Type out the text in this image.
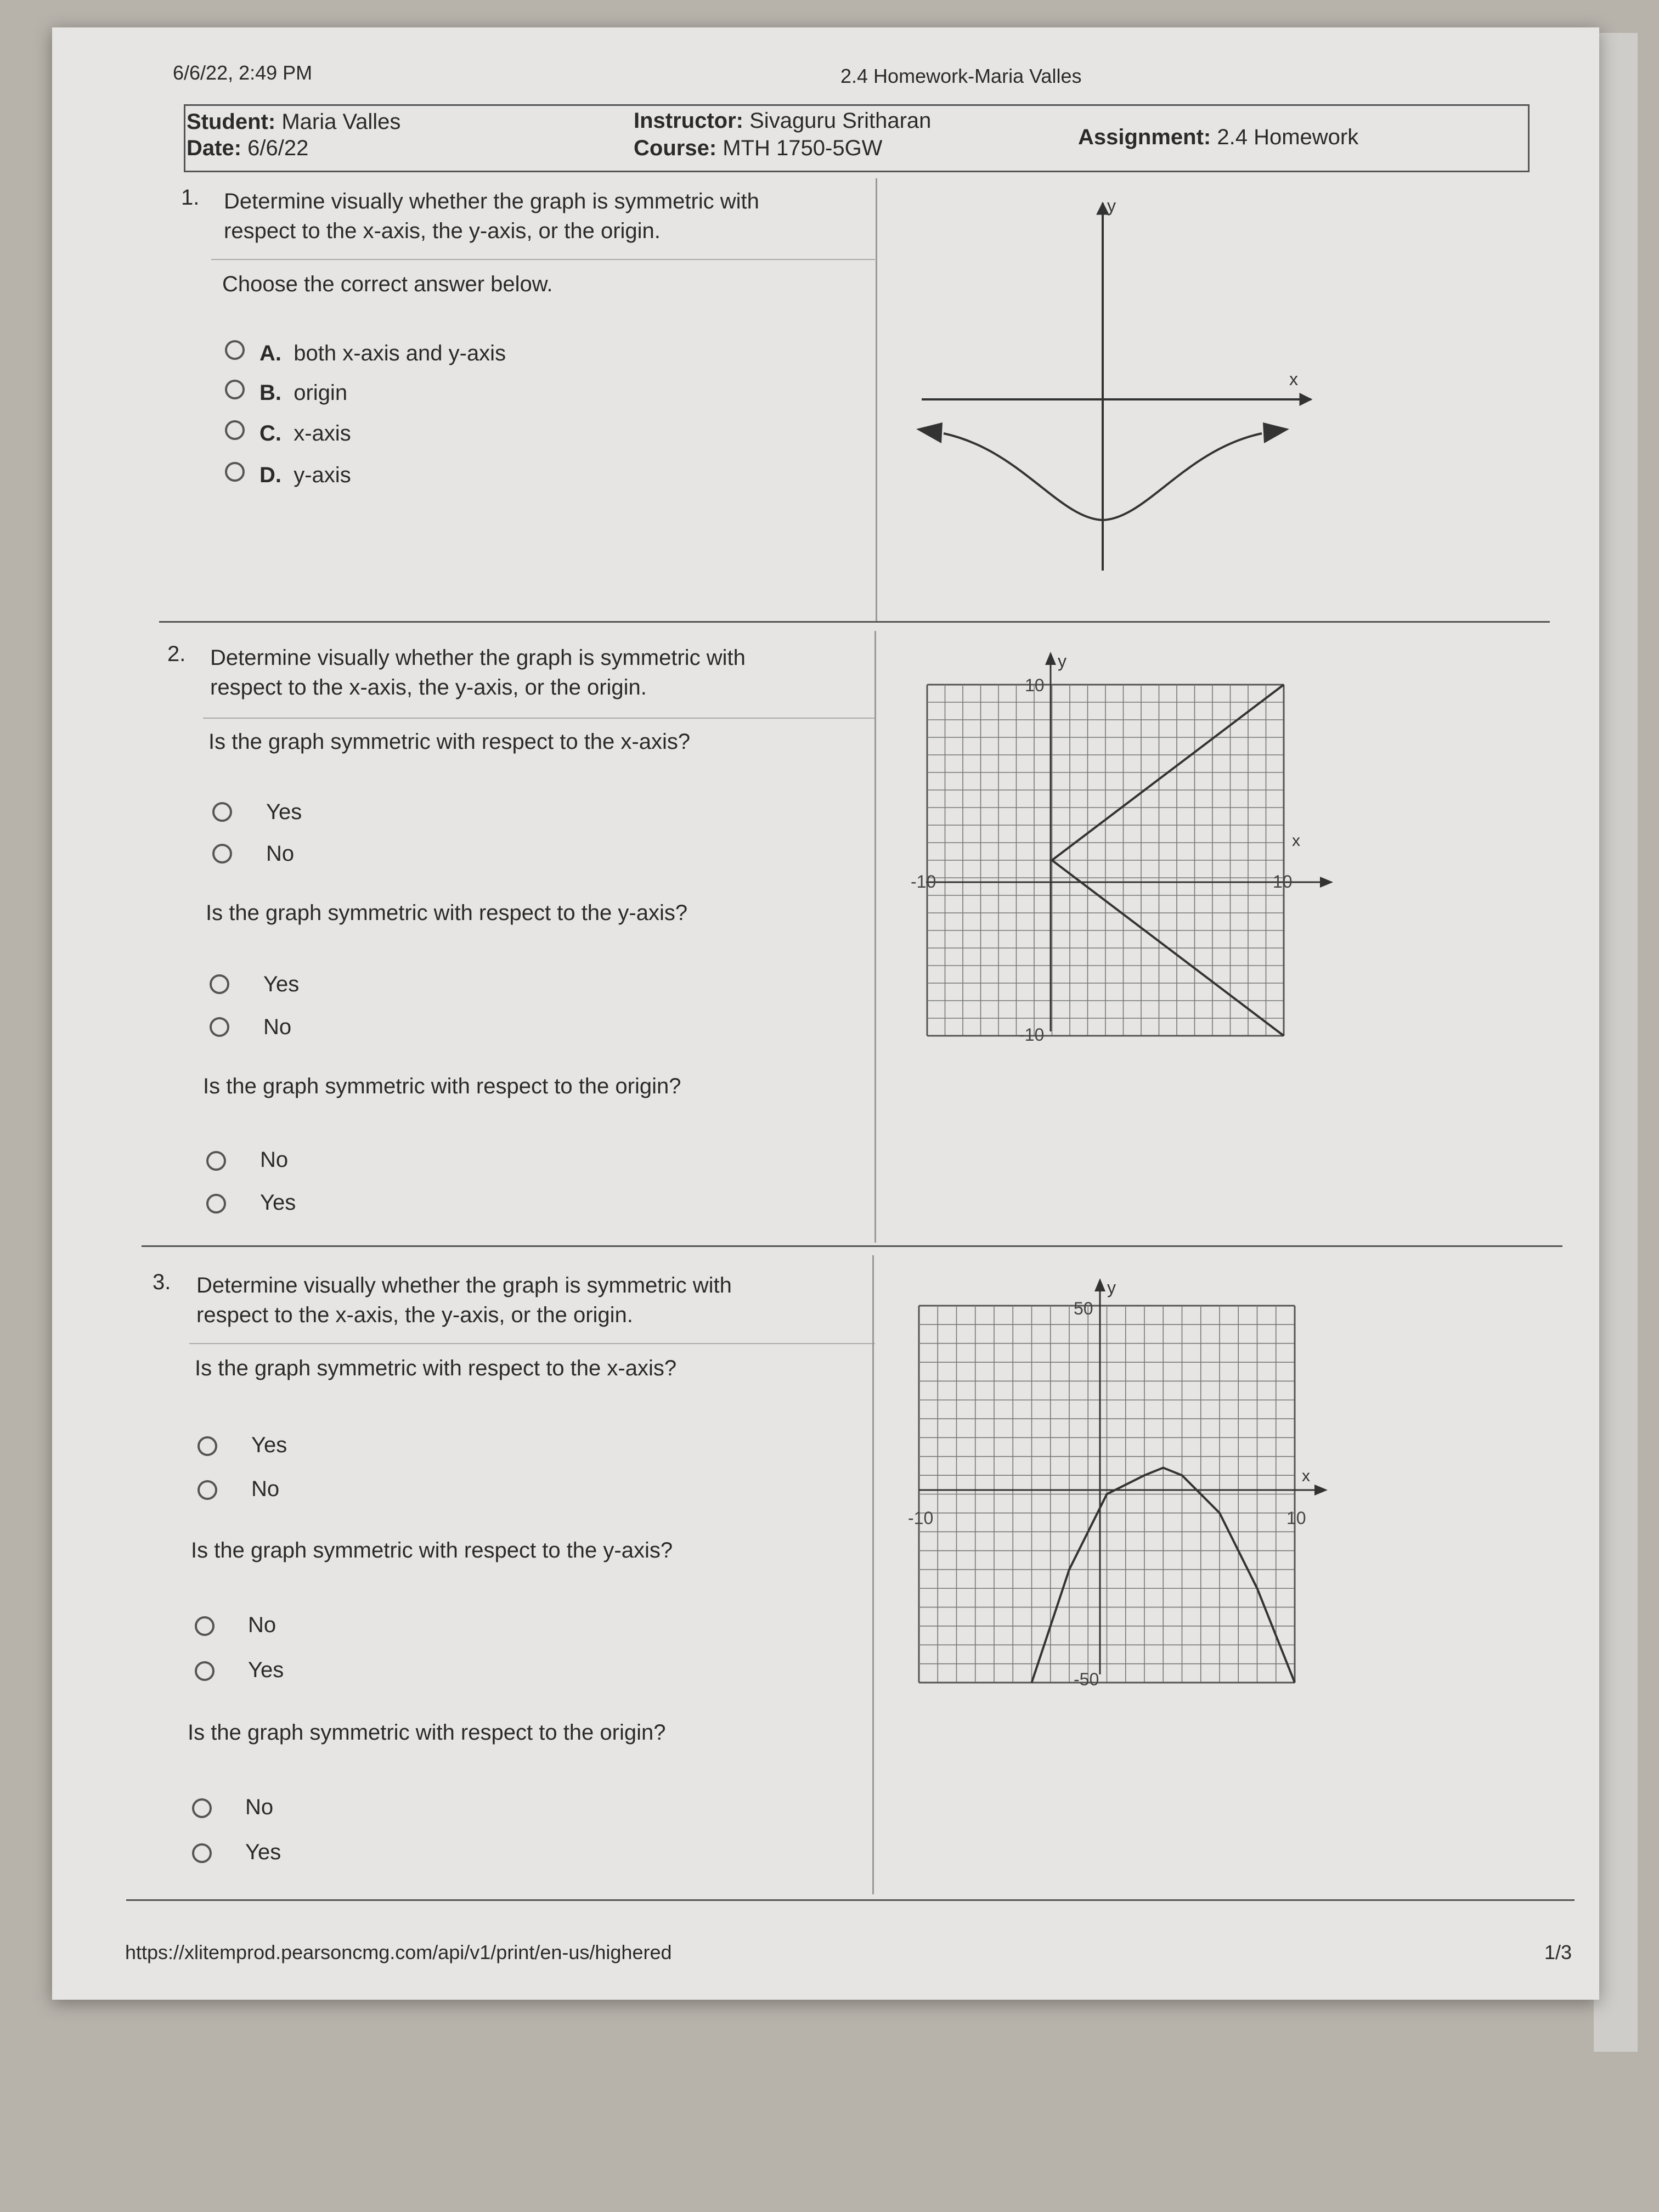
6/6/22, 2:49 PM	2.4 Homework-Maria Valles
Student: Maria Valles
Date: 6/6/22
Instructor: Sivaguru Sritharan
Course: MTH 1750-5GW	Assignment: 2.4 Homework
1. Determine visually whether the graph is symmetric with
respect to the x-axis, the y-axis, or the origin.
Choose the correct answer below.
A. both x-axis and y-axis
B. origin
C. x-axis
D. y-axis
y
x
2. Determine visually whether the graph is symmetric with
respect to the x-axis, the y-axis, or the origin.
Is the graph symmetric with respect to the x-axis?
Yes
No
Is the graph symmetric with respect to the y-axis?
Yes
No
Is the graph symmetric with respect to the origin?
No
Yes
y
x
-10	10
10
-10
3. Determine visually whether the graph is symmetric with
respect to the x-axis, the y-axis, or the origin.
Is the graph symmetric with respect to the x-axis?
Yes
No
Is the graph symmetric with respect to the y-axis?
No
Yes
Is the graph symmetric with respect to the origin?
No
Yes
y
x
-10	10
50
-50
https://xlitemprod.pearsoncmg.com/api/v1/print/en-us/highered	1/3
